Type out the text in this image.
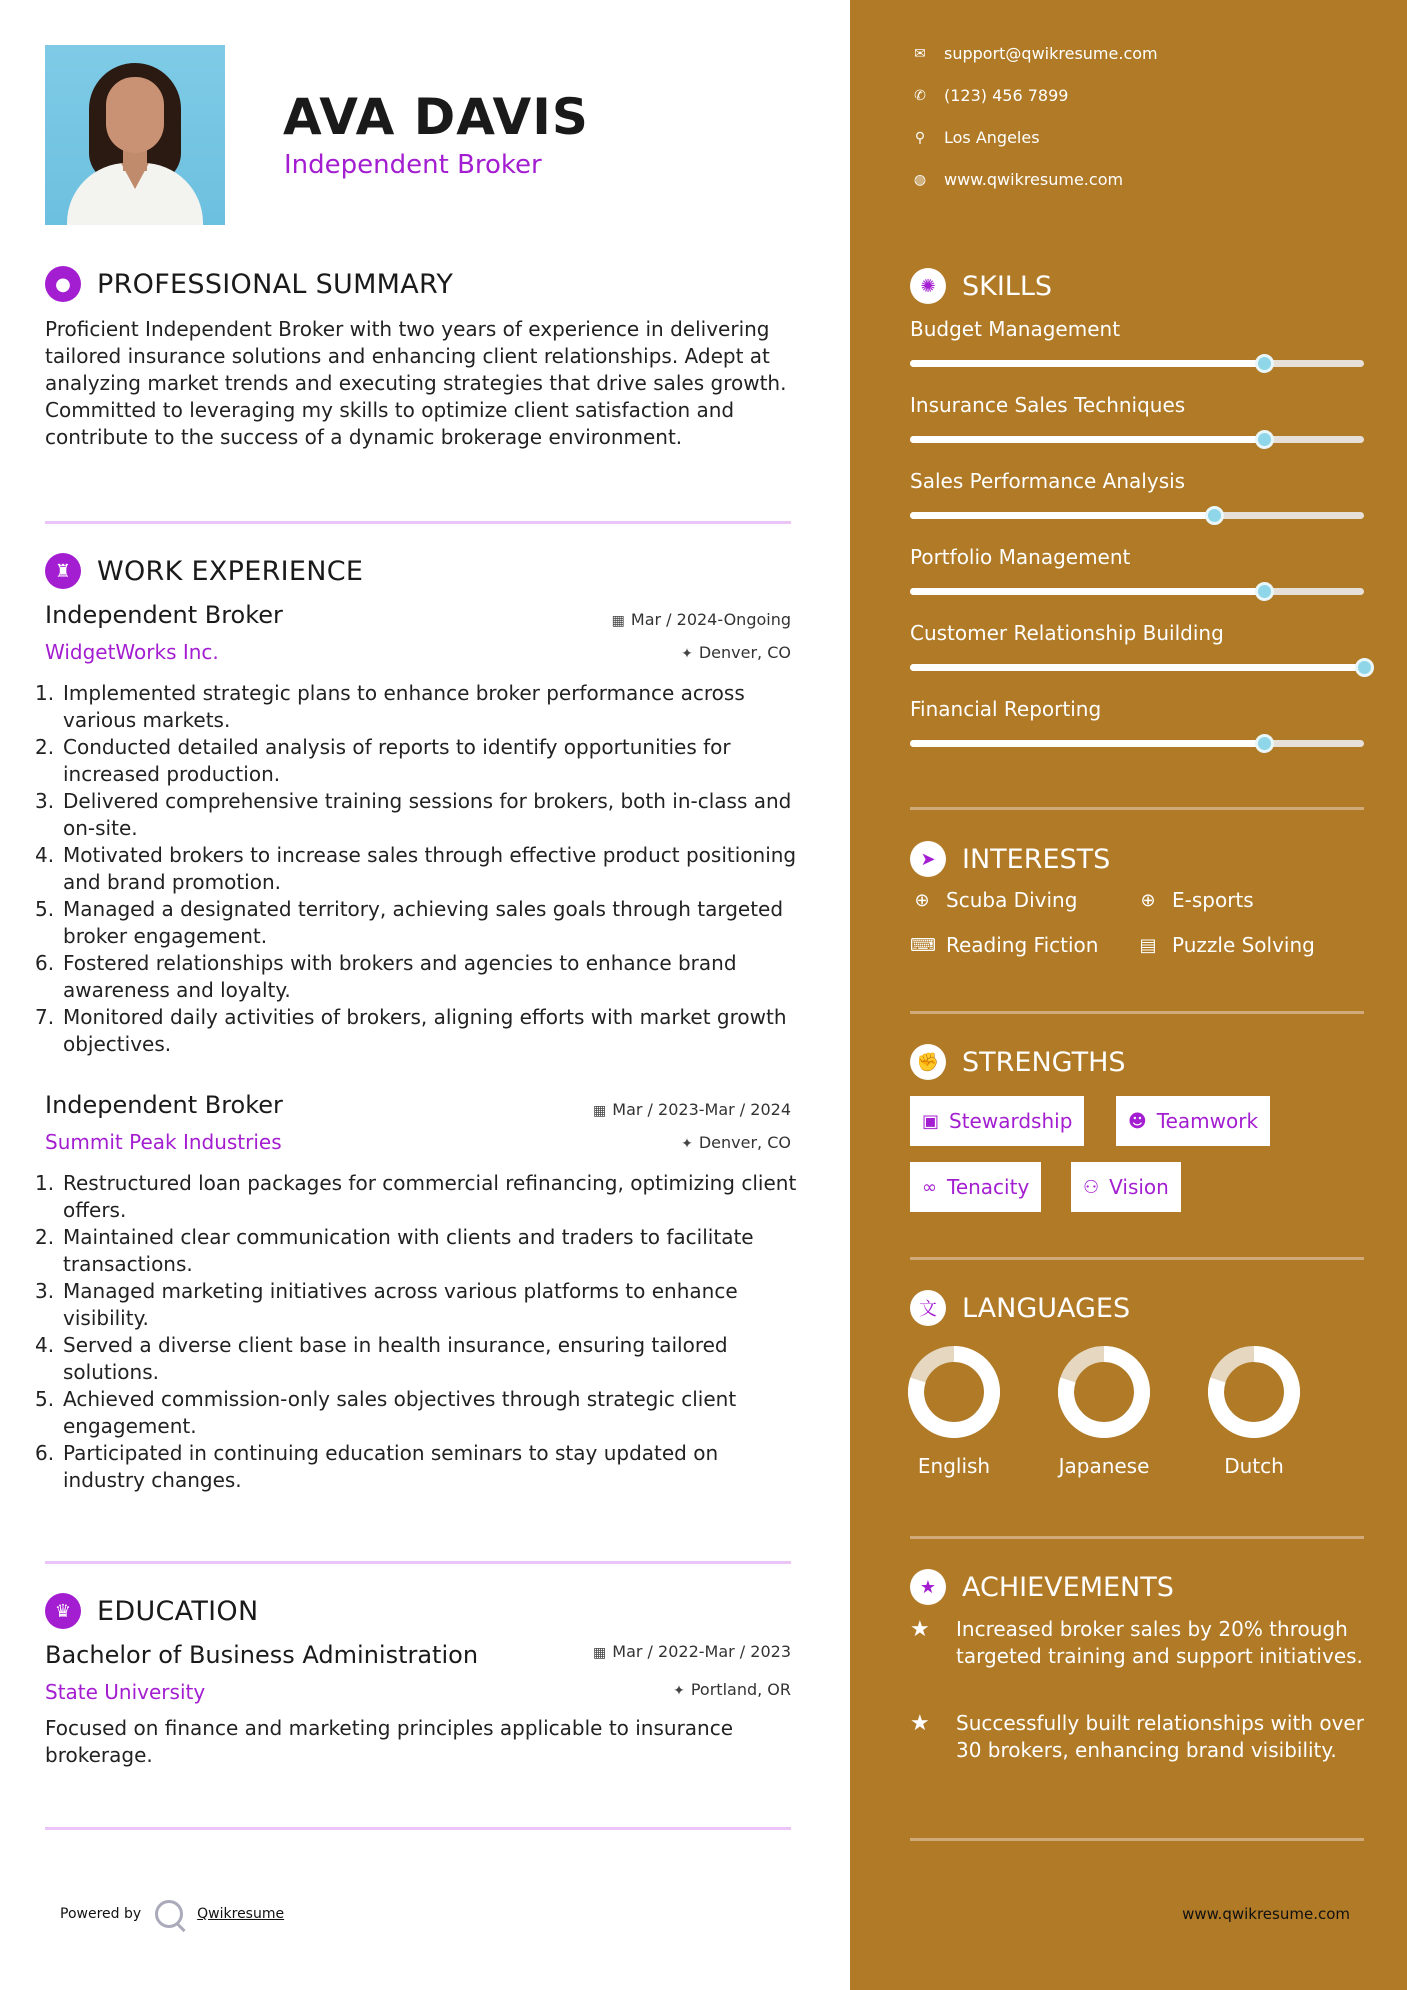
AVA DAVIS
Independent Broker
● PROFESSIONAL SUMMARY
Proficient Independent Broker with two years of experience in delivering tailored insurance solutions and enhancing client relationships. Adept at analyzing market trends and executing strategies that drive sales growth. Committed to leveraging my skills to optimize client satisfaction and contribute to the success of a dynamic brokerage environment.
♜ WORK EXPERIENCE
Independent Broker
WidgetWorks Inc.
▦ Mar / 2024-Ongoing
✦ Denver, CO
Implemented strategic plans to enhance broker performance across various markets.
Conducted detailed analysis of reports to identify opportunities for increased production.
Delivered comprehensive training sessions for brokers, both in-class and on-site.
Motivated brokers to increase sales through effective product positioning and brand promotion.
Managed a designated territory, achieving sales goals through targeted broker engagement.
Fostered relationships with brokers and agencies to enhance brand awareness and loyalty.
Monitored daily activities of brokers, aligning efforts with market growth objectives.
Independent Broker
Summit Peak Industries
▦ Mar / 2023-Mar / 2024
✦ Denver, CO
Restructured loan packages for commercial refinancing, optimizing client offers.
Maintained clear communication with clients and traders to facilitate transactions.
Managed marketing initiatives across various platforms to enhance visibility.
Served a diverse client base in health insurance, ensuring tailored solutions.
Achieved commission-only sales objectives through strategic client engagement.
Participated in continuing education seminars to stay updated on industry changes.
♛ EDUCATION
Bachelor of Business Administration
State University
▦ Mar / 2022-Mar / 2023
✦ Portland, OR
Focused on finance and marketing principles applicable to insurance brokerage.
Powered by	Qwikresume
✉ support@qwikresume.com
✆ (123) 456 7899
⚲	Los Angeles
◍ www.qwikresume.com
✺ SKILLS
Budget Management
Insurance Sales Techniques
Sales Performance Analysis
Portfolio Management
Customer Relationship Building
Financial Reporting
➤ INTERESTS
⊕ Scuba Diving	⊕ E-sports
⌨ Reading Fiction ▤ Puzzle Solving
✊ STRENGTHS
▣ Stewardship	☻ Teamwork
∞ Tenacity	⚇ Vision
文 LANGUAGES
English	Japanese	Dutch
★ ACHIEVEMENTS
★	Increased broker sales by 20% through targeted training and support initiatives.
★	Successfully built relationships with over 30 brokers, enhancing brand visibility.
www.qwikresume.com
